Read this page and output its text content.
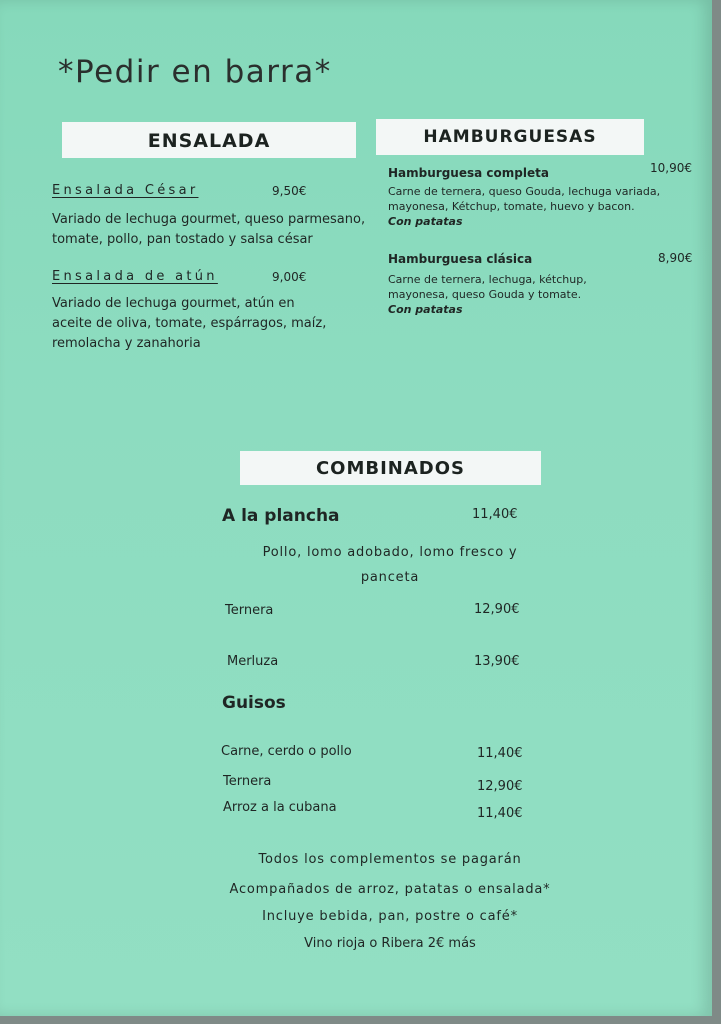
*Pedir en barra*
ENSALADA
Ensalada César	9,50€
Variado de lechuga gourmet, queso parmesano,
tomate, pollo, pan tostado y salsa césar
Ensalada de atún	9,00€
Variado de lechuga gourmet, atún en
aceite de oliva, tomate, espárragos, maíz,
remolacha y zanahoria
HAMBURGUESAS
Hamburguesa completa	10,90€
Carne de ternera, queso Gouda, lechuga variada,
mayonesa, Kétchup, tomate, huevo y bacon.
Con patatas
Hamburguesa clásica	8,90€
Carne de ternera, lechuga, kétchup,
mayonesa, queso Gouda y tomate.
Con patatas
COMBINADOS
A la plancha	11,40€
Pollo, lomo adobado, lomo fresco y
panceta
Ternera	12,90€
Merluza	13,90€
Guisos
Carne, cerdo o pollo	11,40€
Ternera	12,90€
Arroz a la cubana	11,40€
Todos los complementos se pagarán
Acompañados de arroz, patatas o ensalada*
Incluye bebida, pan, postre o café*
Vino rioja o Ribera 2€ más
